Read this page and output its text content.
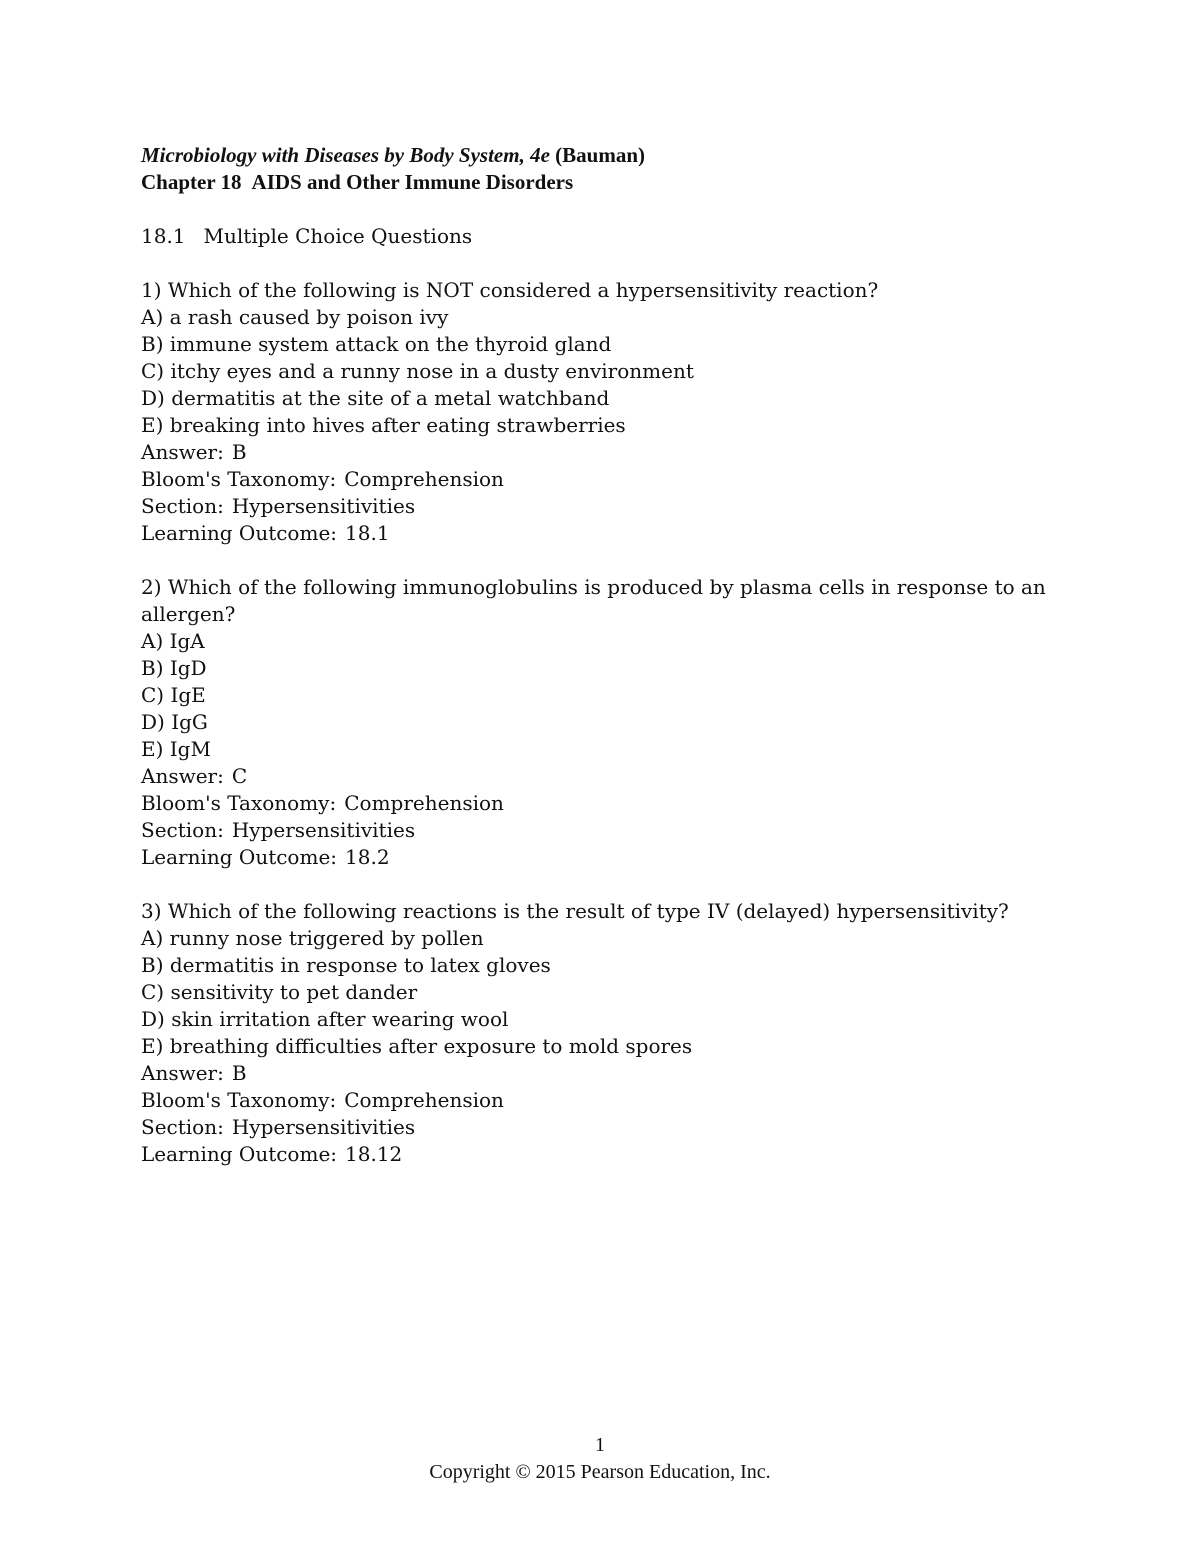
Microbiology with Diseases by Body System, 4e (Bauman)
Chapter 18 AIDS and Other Immune Disorders
18.1 Multiple Choice Questions
1) Which of the following is NOT considered a hypersensitivity reaction?
A) a rash caused by poison ivy
B) immune system attack on the thyroid gland
C) itchy eyes and a runny nose in a dusty environment
D) dermatitis at the site of a metal watchband
E) breaking into hives after eating strawberries
Answer: B
Bloom's Taxonomy: Comprehension
Section: Hypersensitivities
Learning Outcome: 18.1
2) Which of the following immunoglobulins is produced by plasma cells in response to an
allergen?
A) IgA
B) IgD
C) IgE
D) IgG
E) IgM
Answer: C
Bloom's Taxonomy: Comprehension
Section: Hypersensitivities
Learning Outcome: 18.2
3) Which of the following reactions is the result of type IV (delayed) hypersensitivity?
A) runny nose triggered by pollen
B) dermatitis in response to latex gloves
C) sensitivity to pet dander
D) skin irritation after wearing wool
E) breathing difficulties after exposure to mold spores
Answer: B
Bloom's Taxonomy: Comprehension
Section: Hypersensitivities
Learning Outcome: 18.12
1
Copyright © 2015 Pearson Education, Inc.
